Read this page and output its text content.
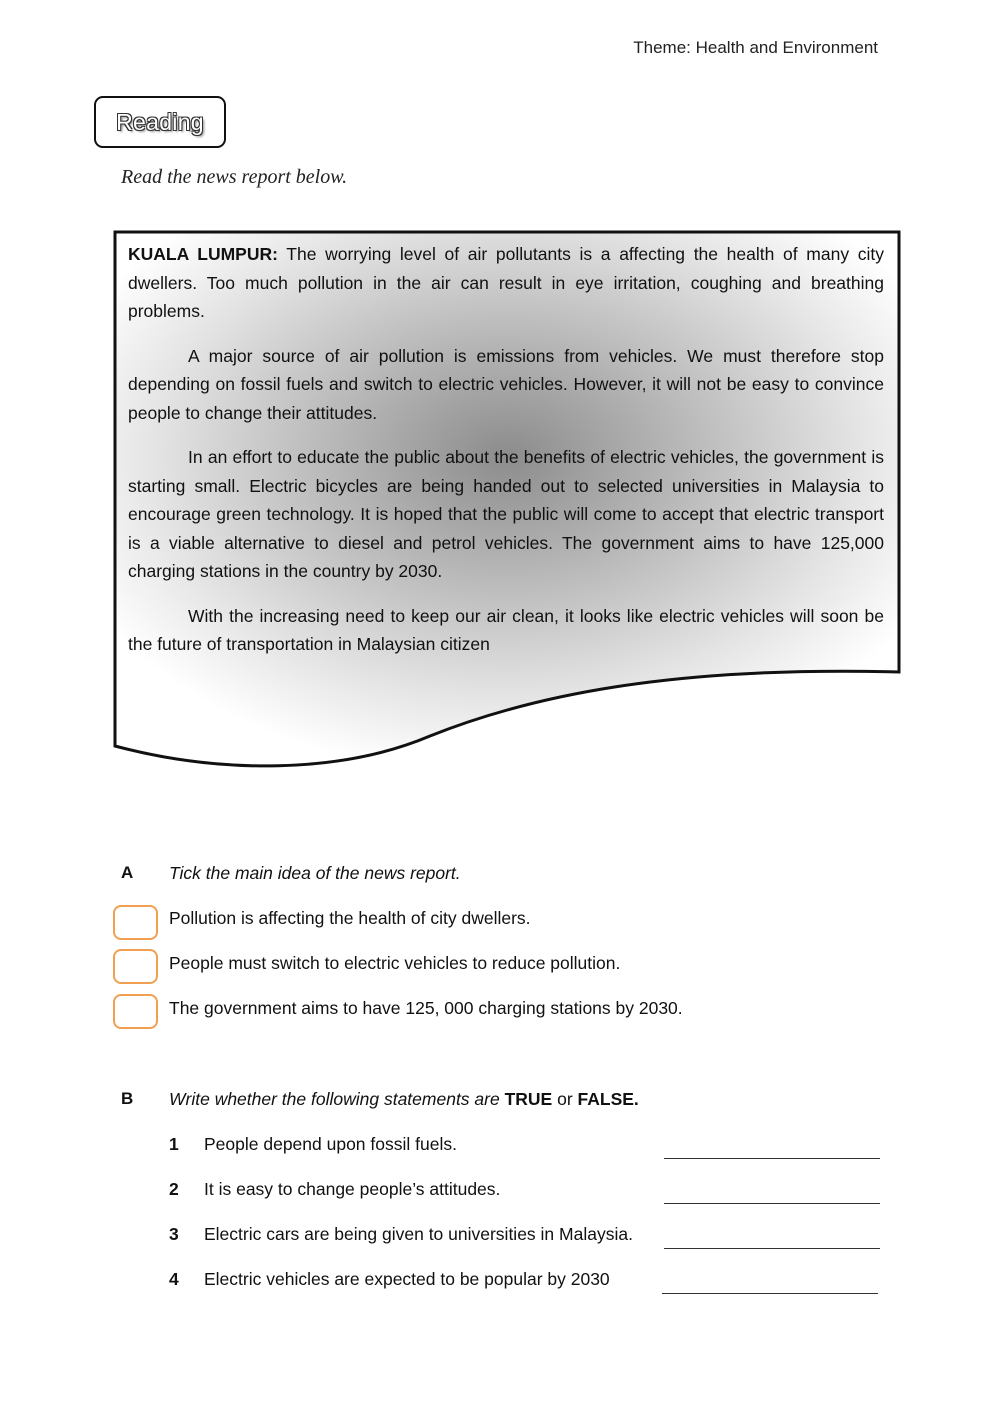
Theme: Health and Environment
Reading
Read the news report below.

KUALA LUMPUR: The worrying level of air pollutants is a affecting the health of many city dwellers. Too much pollution in the air can result in eye irritation, coughing and breathing problems.

A major source of air pollution is emissions from vehicles. We must therefore stop depending on fossil fuels and switch to electric vehicles. However, it will not be easy to convince people to change their attitudes.

In an effort to educate the public about the benefits of electric vehicles, the government is starting small. Electric bicycles are being handed out to selected universities in Malaysia to encourage green technology. It is hoped that the public will come to accept that electric transport is a viable alternative to diesel and petrol vehicles. The government aims to have 125,000 charging stations in the country by 2030.

With the increasing need to keep our air clean, it looks like electric vehicles will soon be the future of transportation in Malaysian citizen

A Tick the main idea of the news report.
Pollution is affecting the health of city dwellers.
People must switch to electric vehicles to reduce pollution.
The government aims to have 125, 000 charging stations by 2030.
B Write whether the following statements are TRUE or FALSE.
1 People depend upon fossil fuels.
2 It is easy to change people’s attitudes.
3 Electric cars are being given to universities in Malaysia.
4 Electric vehicles are expected to be popular by 2030
